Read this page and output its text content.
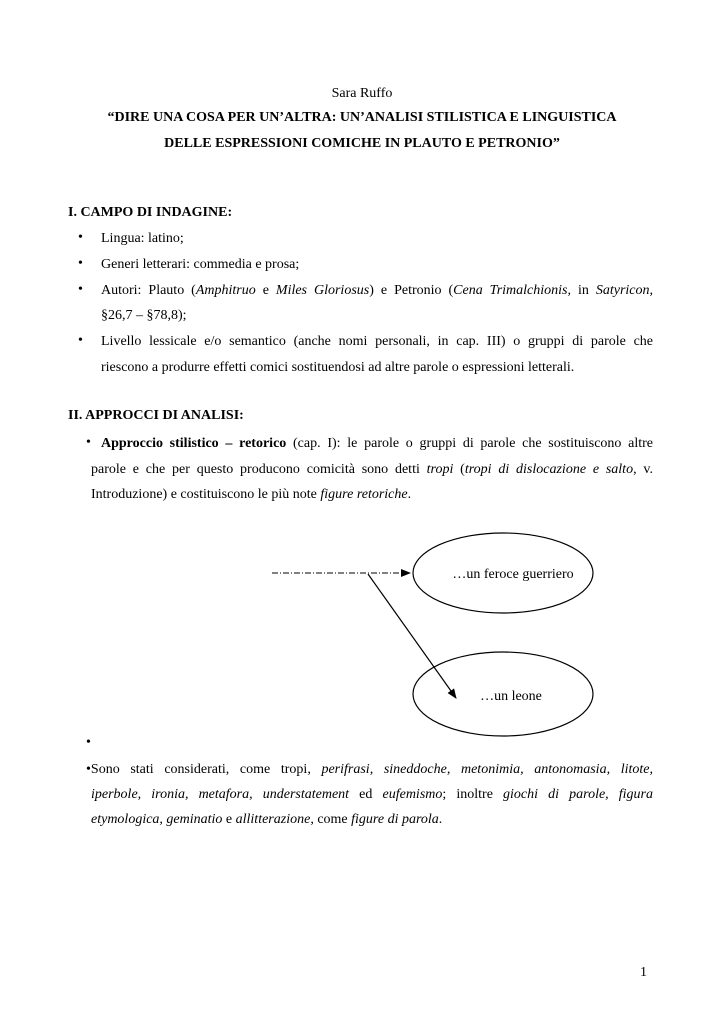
Sara Ruffo
“DIRE UNA COSA PER UN’ALTRA: UN’ANALISI STILISTICA E LINGUISTICA
DELLE ESPRESSIONI COMICHE IN PLAUTO E PETRONIO”
I. CAMPO DI INDAGINE:
• Lingua: latino;
• Generi letterari: commedia e prosa;
• Autori: Plauto (Amphitruo e Miles Gloriosus) e Petronio (Cena Trimalchionis, in Satyricon,
§26,7 – §78,8);
• Livello lessicale e/o semantico (anche nomi personali, in cap. III) o gruppi di parole che
riescono a produrre effetti comici sostituendosi ad altre parole o espressioni letterali.
II. APPROCCI DI ANALISI:
• Approccio stilistico – retorico (cap. I): le parole o gruppi di parole che sostituiscono altre
parole e che per questo producono comicità sono detti tropi (tropi di dislocazione e salto, v.
Introduzione) e costituiscono le più note figure retoriche.
…un feroce guerriero
…un leone
•
•Sono stati considerati, come tropi, perifrasi, sineddoche, metonimia, antonomasia, litote,
iperbole, ironia, metafora, understatement ed eufemismo; inoltre giochi di parole, figura
etymologica, geminatio e allitterazione, come figure di parola.
1
